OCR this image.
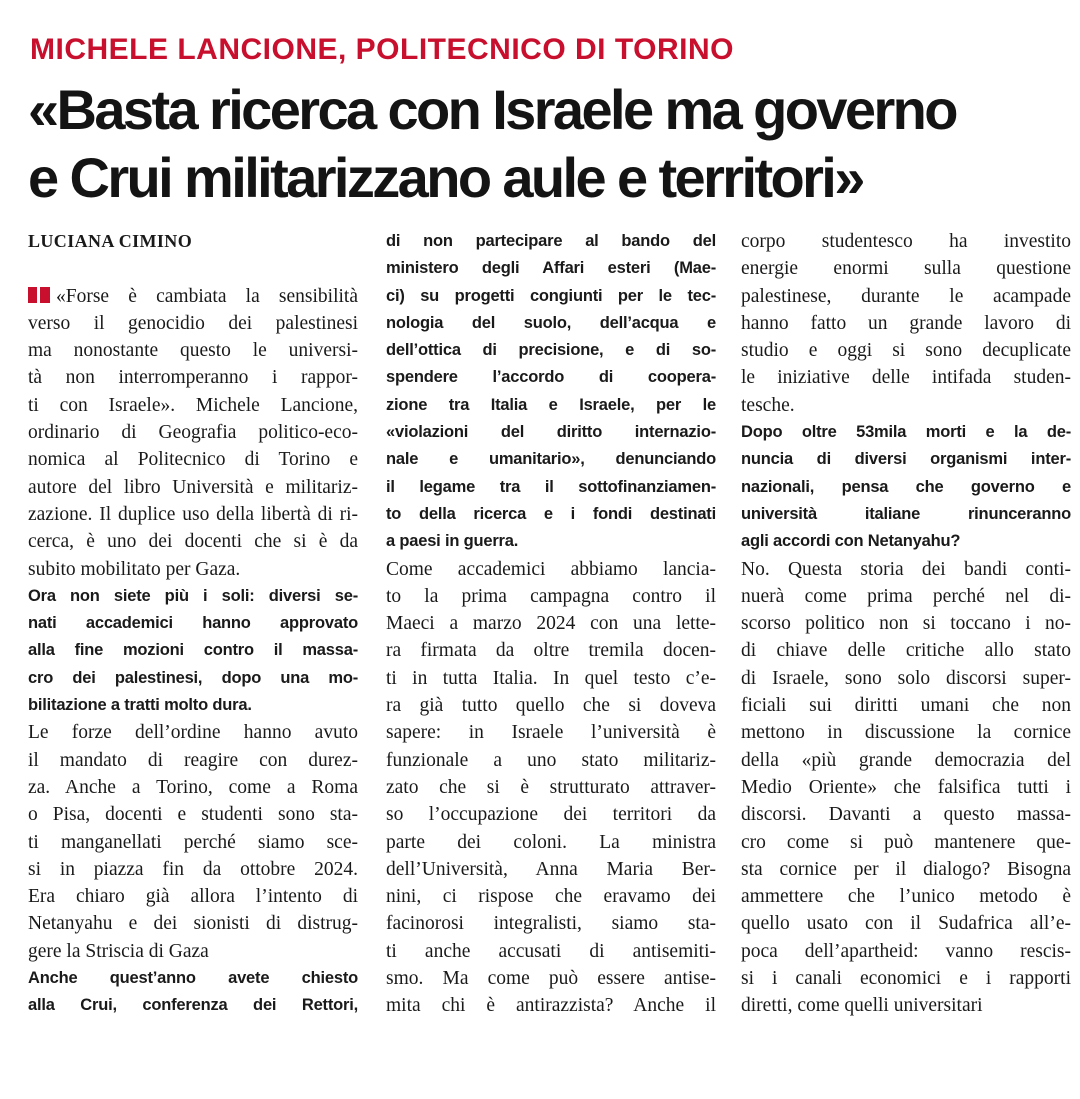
MICHELE LANCIONE, POLITECNICO DI TORINO
«Basta ricerca con Israele ma governo
e Crui militarizzano aule e territori»
LUCIANA CIMINO
«Forse è cambiata la sensibilità
verso il genocidio dei palestinesi
ma nonostante questo le universi-
tà non interromperanno i rappor-
ti con Israele». Michele Lancione,
ordinario di Geografia politico-eco-
nomica al Politecnico di Torino e
autore del libro Università e militariz-
zazione. Il duplice uso della libertà di ri-
cerca, è uno dei docenti che si è da
subito mobilitato per Gaza.
Ora non siete più i soli: diversi se-
nati accademici hanno approvato
alla fine mozioni contro il massa-
cro dei palestinesi, dopo una mo-
bilitazione a tratti molto dura.
Le forze dell’ordine hanno avuto
il mandato di reagire con durez-
za. Anche a Torino, come a Roma
o Pisa, docenti e studenti sono sta-
ti manganellati perché siamo sce-
si in piazza fin da ottobre 2024.
Era chiaro già allora l’intento di
Netanyahu e dei sionisti di distrug-
gere la Striscia di Gaza
Anche quest’anno avete chiesto
alla Crui, conferenza dei Rettori,
di non partecipare al bando del
ministero degli Affari esteri (Mae-
ci) su progetti congiunti per le tec-
nologia del suolo, dell’acqua e
dell’ottica di precisione, e di so-
spendere l’accordo di coopera-
zione tra Italia e Israele, per le
«violazioni del diritto internazio-
nale e umanitario», denunciando
il legame tra il sottofinanziamen-
to della ricerca e i fondi destinati
a paesi in guerra.
Come accademici abbiamo lancia-
to la prima campagna contro il
Maeci a marzo 2024 con una lette-
ra firmata da oltre tremila docen-
ti in tutta Italia. In quel testo c’e-
ra già tutto quello che si doveva
sapere: in Israele l’università è
funzionale a uno stato militariz-
zato che si è strutturato attraver-
so l’occupazione dei territori da
parte dei coloni. La ministra
dell’Università, Anna Maria Ber-
nini, ci rispose che eravamo dei
facinorosi integralisti, siamo sta-
ti anche accusati di antisemiti-
smo. Ma come può essere antise-
mita chi è antirazzista? Anche il
corpo studentesco ha investito
energie enormi sulla questione
palestinese, durante le acampade
hanno fatto un grande lavoro di
studio e oggi si sono decuplicate
le iniziative delle intifada studen-
tesche.
Dopo oltre 53mila morti e la de-
nuncia di diversi organismi inter-
nazionali, pensa che governo e
università italiane rinunceranno
agli accordi con Netanyahu?
No. Questa storia dei bandi conti-
nuerà come prima perché nel di-
scorso politico non si toccano i no-
di chiave delle critiche allo stato
di Israele, sono solo discorsi super-
ficiali sui diritti umani che non
mettono in discussione la cornice
della «più grande democrazia del
Medio Oriente» che falsifica tutti i
discorsi. Davanti a questo massa-
cro come si può mantenere que-
sta cornice per il dialogo? Bisogna
ammettere che l’unico metodo è
quello usato con il Sudafrica all’e-
poca dell’apartheid: vanno rescis-
si i canali economici e i rapporti
diretti, come quelli universitari
